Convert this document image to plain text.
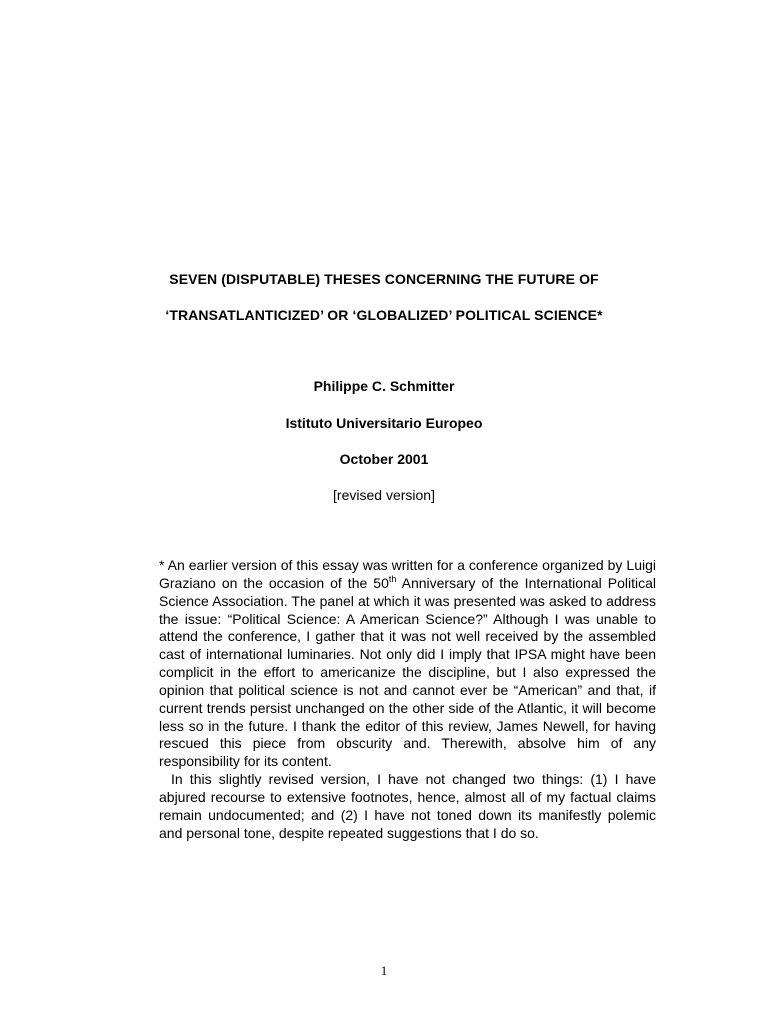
SEVEN (DISPUTABLE) THESES CONCERNING THE FUTURE OF
‘TRANSATLANTICIZED’ OR ‘GLOBALIZED’ POLITICAL SCIENCE*
Philippe C. Schmitter
Istituto Universitario Europeo
October 2001
[revised version]

* An earlier version of this essay was written for a conference organized by Luigi Graziano on the occasion of the 50th Anniversary of the International Political Science Association. The panel at which it was presented was asked to address the issue: “Political Science: A American Science?” Although I was unable to attend the conference, I gather that it was not well received by the assembled cast of international luminaries. Not only did I imply that IPSA might have been complicit in the effort to americanize the discipline, but I also expressed the opinion that political science is not and cannot ever be “American” and that, if current trends persist unchanged on the other side of the Atlantic, it will become less so in the future. I thank the editor of this review, James Newell, for having rescued this piece from obscurity and. Therewith, absolve him of any responsibility for its content.

In this slightly revised version, I have not changed two things: (1) I have abjured recourse to extensive footnotes, hence, almost all of my factual claims remain undocumented; and (2) I have not toned down its manifestly polemic and personal tone, despite repeated suggestions that I do so.

1
